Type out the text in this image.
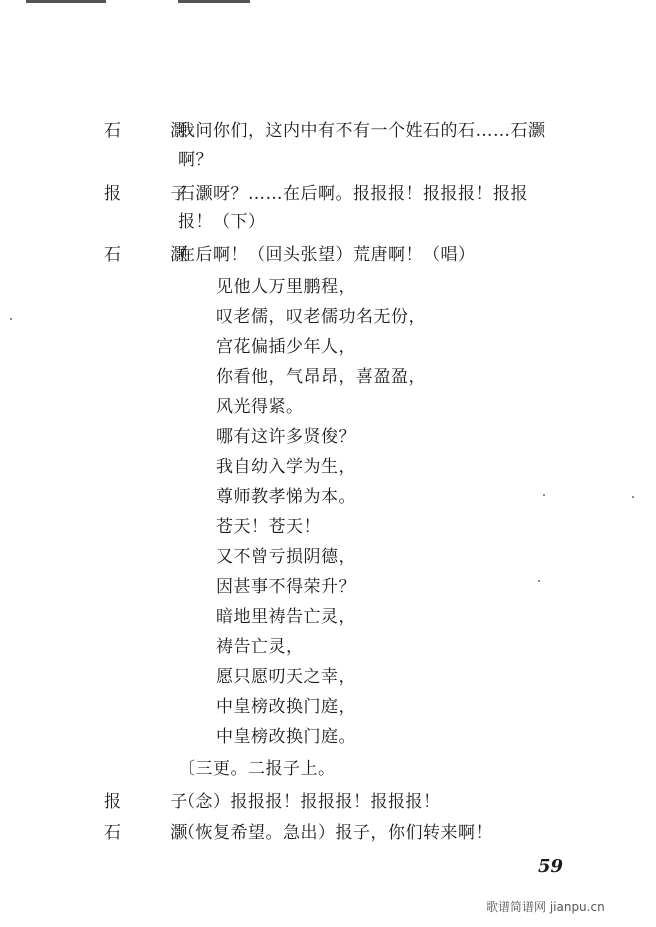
石 灏
我问你们，这内中有不有一个姓石的石……石灏
啊？
报 子
石灏呀？……在后啊。报报报！报报报！报报
报！（下）
石 灏
在后啊！（回头张望）荒唐啊！（唱）
见他人万里鹏程，
叹老儒，叹老儒功名无份，
宫花偏插少年人，
你看他，气昂昂，喜盈盈，
风光得紧。
哪有这许多贤俊？
我自幼入学为生，
尊师教孝悌为本。
苍天！苍天！
又不曾亏损阴德，
因甚事不得荣升？
暗地里祷告亡灵，
祷告亡灵，
愿只愿叨天之幸，
中皇榜改换门庭，
中皇榜改换门庭。
〔三更。二报子上。
报 子
（念）报报报！报报报！报报报！
石 灏
（恢复希望。急出）报子，你们转来啊！
59
歌谱简谱网 jianpu.cn
